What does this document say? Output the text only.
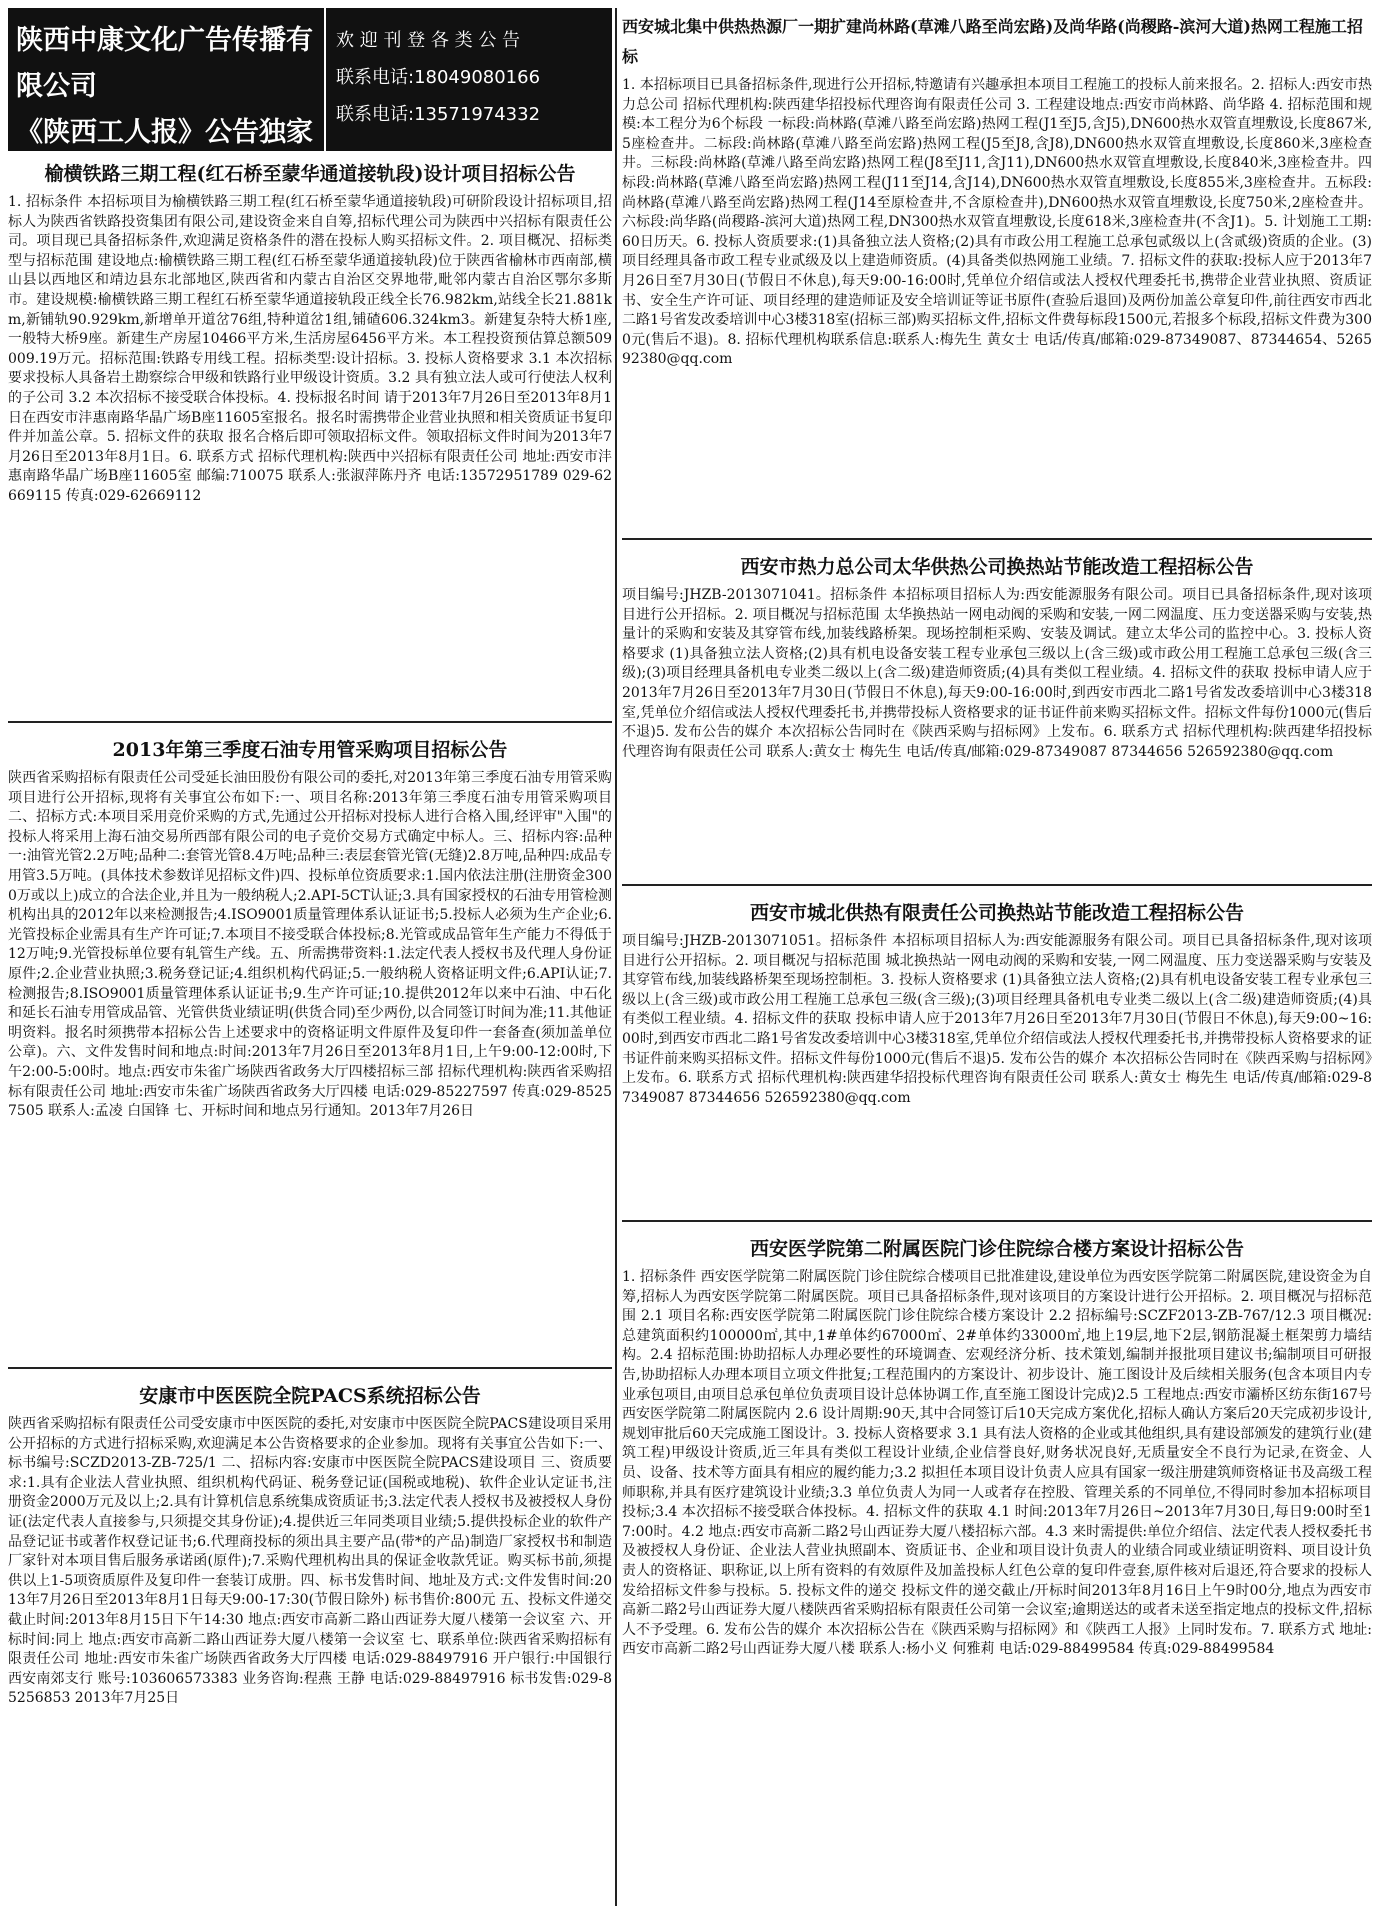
陕西中康文化广告传播有限公司
《陕西工人报》公告独家
欢 迎 刊 登 各 类 公 告
联系电话:18049080166
联系电话:13571974332
榆横铁路三期工程(红石桥至蒙华通道接轨段)设计项目招标公告
1. 招标条件 本招标项目为榆横铁路三期工程(红石桥至蒙华通道接轨段)可研阶段设计招标项目,招标人为陕西省铁路投资集团有限公司,建设资金来自自筹,招标代理公司为陕西中兴招标有限责任公司。项目现已具备招标条件,欢迎满足资格条件的潜在投标人购买招标文件。2. 项目概况、招标类型与招标范围 建设地点:榆横铁路三期工程(红石桥至蒙华通道接轨段)位于陕西省榆林市西南部,横山县以西地区和靖边县东北部地区,陕西省和内蒙古自治区交界地带,毗邻内蒙古自治区鄂尔多斯市。建设规模:榆横铁路三期工程红石桥至蒙华通道接轨段正线全长76.982km,站线全长21.881km,新铺轨90.929km,新增单开道岔76组,特种道岔1组,铺碴606.324km3。新建复杂特大桥1座,一般特大桥9座。新建生产房屋10466平方米,生活房屋6456平方米。本工程投资预估算总额509009.19万元。招标范围:铁路专用线工程。招标类型:设计招标。3. 投标人资格要求 3.1 本次招标要求投标人具备岩土勘察综合甲级和铁路行业甲级设计资质。3.2 具有独立法人或可行使法人权利的子公司 3.2 本次招标不接受联合体投标。4. 投标报名时间 请于2013年7月26日至2013年8月1日在西安市沣惠南路华晶广场B座11605室报名。报名时需携带企业营业执照和相关资质证书复印件并加盖公章。5. 招标文件的获取 报名合格后即可领取招标文件。领取招标文件时间为2013年7月26日至2013年8月1日。6. 联系方式 招标代理机构:陕西中兴招标有限责任公司 地址:西安市沣惠南路华晶广场B座11605室 邮编:710075 联系人:张淑萍陈丹齐 电话:13572951789 029-62669115 传真:029-62669112
2013年第三季度石油专用管采购项目招标公告
陕西省采购招标有限责任公司受延长油田股份有限公司的委托,对2013年第三季度石油专用管采购项目进行公开招标,现将有关事宜公布如下:一、项目名称:2013年第三季度石油专用管采购项目 二、招标方式:本项目采用竞价采购的方式,先通过公开招标对投标人进行合格入围,经评审"入围"的投标人将采用上海石油交易所西部有限公司的电子竞价交易方式确定中标人。三、招标内容:品种一:油管光管2.2万吨;品种二:套管光管8.4万吨;品种三:表层套管光管(无缝)2.8万吨,品种四:成品专用管3.5万吨。(具体技术参数详见招标文件)四、投标单位资质要求:1.国内依法注册(注册资金3000万或以上)成立的合法企业,并且为一般纳税人;2.API-5CT认证;3.具有国家授权的石油专用管检测机构出具的2012年以来检测报告;4.ISO9001质量管理体系认证证书;5.投标人必须为生产企业;6.光管投标企业需具有生产许可证;7.本项目不接受联合体投标;8.光管或成品管年生产能力不得低于12万吨;9.光管投标单位要有轧管生产线。五、所需携带资料:1.法定代表人授权书及代理人身份证原件;2.企业营业执照;3.税务登记证;4.组织机构代码证;5.一般纳税人资格证明文件;6.API认证;7.检测报告;8.ISO9001质量管理体系认证证书;9.生产许可证;10.提供2012年以来中石油、中石化和延长石油专用管成品管、光管供货业绩证明(供货合同)至少两份,以合同签订时间为准;11.其他证明资料。报名时须携带本招标公告上述要求中的资格证明文件原件及复印件一套备查(须加盖单位公章)。六、文件发售时间和地点:时间:2013年7月26日至2013年8月1日,上午9:00-12:00时,下午2:00-5:00时。地点:西安市朱雀广场陕西省政务大厅四楼招标三部 招标代理机构:陕西省采购招标有限责任公司 地址:西安市朱雀广场陕西省政务大厅四楼 电话:029-85227597 传真:029-85257505 联系人:孟凌 白国锋 七、开标时间和地点另行通知。2013年7月26日
安康市中医医院全院PACS系统招标公告
陕西省采购招标有限责任公司受安康市中医医院的委托,对安康市中医医院全院PACS建设项目采用公开招标的方式进行招标采购,欢迎满足本公告资格要求的企业参加。现将有关事宜公告如下:一、标书编号:SCZD2013-ZB-725/1 二、招标内容:安康市中医医院全院PACS建设项目 三、资质要求:1.具有企业法人营业执照、组织机构代码证、税务登记证(国税或地税)、软件企业认定证书,注册资金2000万元及以上;2.具有计算机信息系统集成资质证书;3.法定代表人授权书及被授权人身份证(法定代表人直接参与,只须提交其身份证);4.提供近三年同类项目业绩;5.提供投标企业的软件产品登记证书或著作权登记证书;6.代理商投标的须出具主要产品(带*的产品)制造厂家授权书和制造厂家针对本项目售后服务承诺函(原件);7.采购代理机构出具的保证金收款凭证。购买标书前,须提供以上1-5项资质原件及复印件一套装订成册。四、标书发售时间、地址及方式:文件发售时间:2013年7月26日至2013年8月1日每天9:00-17:30(节假日除外) 标书售价:800元 五、投标文件递交截止时间:2013年8月15日下午14:30 地点:西安市高新二路山西证券大厦八楼第一会议室 六、开标时间:同上 地点:西安市高新二路山西证券大厦八楼第一会议室 七、联系单位:陕西省采购招标有限责任公司 地址:西安市朱雀广场陕西省政务大厅四楼 电话:029-88497916 开户银行:中国银行西安南郊支行 账号:103606573383 业务咨询:程燕 王静 电话:029-88497916 标书发售:029-85256853 2013年7月25日
西安城北集中供热热源厂一期扩建尚林路(草滩八路至尚宏路)及尚华路(尚稷路-滨河大道)热网工程施工招标
1. 本招标项目已具备招标条件,现进行公开招标,特邀请有兴趣承担本项目工程施工的投标人前来报名。2. 招标人:西安市热力总公司 招标代理机构:陕西建华招投标代理咨询有限责任公司 3. 工程建设地点:西安市尚林路、尚华路 4. 招标范围和规模:本工程分为6个标段 一标段:尚林路(草滩八路至尚宏路)热网工程(J1至J5,含J5),DN600热水双管直埋敷设,长度867米,5座检查井。二标段:尚林路(草滩八路至尚宏路)热网工程(J5至J8,含J8),DN600热水双管直埋敷设,长度860米,3座检查井。三标段:尚林路(草滩八路至尚宏路)热网工程(J8至J11,含J11),DN600热水双管直埋敷设,长度840米,3座检查井。四标段:尚林路(草滩八路至尚宏路)热网工程(J11至J14,含J14),DN600热水双管直埋敷设,长度855米,3座检查井。五标段:尚林路(草滩八路至尚宏路)热网工程(J14至原检查井,不含原检查井),DN600热水双管直埋敷设,长度750米,2座检查井。六标段:尚华路(尚稷路-滨河大道)热网工程,DN300热水双管直埋敷设,长度618米,3座检查井(不含J1)。5. 计划施工工期:60日历天。6. 投标人资质要求:(1)具备独立法人资格;(2)具有市政公用工程施工总承包贰级以上(含贰级)资质的企业。(3)项目经理具备市政工程专业贰级及以上建造师资质。(4)具备类似热网施工业绩。7. 招标文件的获取:投标人应于2013年7月26日至7月30日(节假日不休息),每天9:00-16:00时,凭单位介绍信或法人授权代理委托书,携带企业营业执照、资质证书、安全生产许可证、项目经理的建造师证及安全培训证等证书原件(查验后退回)及两份加盖公章复印件,前往西安市西北二路1号省发改委培训中心3楼318室(招标三部)购买招标文件,招标文件费每标段1500元,若报多个标段,招标文件费为3000元(售后不退)。8. 招标代理机构联系信息:联系人:梅先生 黄女士 电话/传真/邮箱:029-87349087、87344654、526592380@qq.com
西安市热力总公司太华供热公司换热站节能改造工程招标公告
项目编号:JHZB-2013071041。招标条件 本招标项目招标人为:西安能源服务有限公司。项目已具备招标条件,现对该项目进行公开招标。2. 项目概况与招标范围 太华换热站一网电动阀的采购和安装,一网二网温度、压力变送器采购与安装,热量计的采购和安装及其穿管布线,加装线路桥架。现场控制柜采购、安装及调试。建立太华公司的监控中心。3. 投标人资格要求 (1)具备独立法人资格;(2)具有机电设备安装工程专业承包三级以上(含三级)或市政公用工程施工总承包三级(含三级);(3)项目经理具备机电专业类二级以上(含二级)建造师资质;(4)具有类似工程业绩。4. 招标文件的获取 投标申请人应于2013年7月26日至2013年7月30日(节假日不休息),每天9:00-16:00时,到西安市西北二路1号省发改委培训中心3楼318室,凭单位介绍信或法人授权代理委托书,并携带投标人资格要求的证书证件前来购买招标文件。招标文件每份1000元(售后不退)5. 发布公告的媒介 本次招标公告同时在《陕西采购与招标网》上发布。6. 联系方式 招标代理机构:陕西建华招投标代理咨询有限责任公司 联系人:黄女士 梅先生 电话/传真/邮箱:029-87349087 87344656 526592380@qq.com
西安市城北供热有限责任公司换热站节能改造工程招标公告
项目编号:JHZB-2013071051。招标条件 本招标项目招标人为:西安能源服务有限公司。项目已具备招标条件,现对该项目进行公开招标。2. 项目概况与招标范围 城北换热站一网电动阀的采购和安装,一网二网温度、压力变送器采购与安装及其穿管布线,加装线路桥架至现场控制柜。3. 投标人资格要求 (1)具备独立法人资格;(2)具有机电设备安装工程专业承包三级以上(含三级)或市政公用工程施工总承包三级(含三级);(3)项目经理具备机电专业类二级以上(含二级)建造师资质;(4)具有类似工程业绩。4. 招标文件的获取 投标申请人应于2013年7月26日至2013年7月30日(节假日不休息),每天9:00~16:00时,到西安市西北二路1号省发改委培训中心3楼318室,凭单位介绍信或法人授权代理委托书,并携带投标人资格要求的证书证件前来购买招标文件。招标文件每份1000元(售后不退)5. 发布公告的媒介 本次招标公告同时在《陕西采购与招标网》上发布。6. 联系方式 招标代理机构:陕西建华招投标代理咨询有限责任公司 联系人:黄女士 梅先生 电话/传真/邮箱:029-87349087 87344656 526592380@qq.com
西安医学院第二附属医院门诊住院综合楼方案设计招标公告
1. 招标条件 西安医学院第二附属医院门诊住院综合楼项目已批准建设,建设单位为西安医学院第二附属医院,建设资金为自筹,招标人为西安医学院第二附属医院。项目已具备招标条件,现对该项目的方案设计进行公开招标。2. 项目概况与招标范围 2.1 项目名称:西安医学院第二附属医院门诊住院综合楼方案设计 2.2 招标编号:SCZF2013-ZB-767/12.3 项目概况:总建筑面积约100000㎡,其中,1#单体约67000㎡、2#单体约33000㎡,地上19层,地下2层,钢筋混凝土框架剪力墙结构。2.4 招标范围:协助招标人办理必要性的环境调查、宏观经济分析、技术策划,编制并报批项目建议书;编制项目可研报告,协助招标人办理本项目立项文件批复;工程范围内的方案设计、初步设计、施工图设计及后续相关服务(包含本项目内专业承包项目,由项目总承包单位负责项目设计总体协调工作,直至施工图设计完成)2.5 工程地点:西安市灞桥区纺东街167号西安医学院第二附属医院内 2.6 设计周期:90天,其中合同签订后10天完成方案优化,招标人确认方案后20天完成初步设计,规划审批后60天完成施工图设计。3. 投标人资格要求 3.1 具有法人资格的企业或其他组织,具有建设部颁发的建筑行业(建筑工程)甲级设计资质,近三年具有类似工程设计业绩,企业信誉良好,财务状况良好,无质量安全不良行为记录,在资金、人员、设备、技术等方面具有相应的履约能力;3.2 拟担任本项目设计负责人应具有国家一级注册建筑师资格证书及高级工程师职称,并具有医疗建筑设计业绩;3.3 单位负责人为同一人或者存在控股、管理关系的不同单位,不得同时参加本招标项目投标;3.4 本次招标不接受联合体投标。4. 招标文件的获取 4.1 时间:2013年7月26日~2013年7月30日,每日9:00时至17:00时。4.2 地点:西安市高新二路2号山西证券大厦八楼招标六部。4.3 来时需提供:单位介绍信、法定代表人授权委托书及被授权人身份证、企业法人营业执照副本、资质证书、企业和项目设计负责人的业绩合同或业绩证明资料、项目设计负责人的资格证、职称证,以上所有资料的有效原件及加盖投标人红色公章的复印件壹套,原件核对后退还,符合要求的投标人发给招标文件参与投标。5. 投标文件的递交 投标文件的递交截止/开标时间2013年8月16日上午9时00分,地点为西安市高新二路2号山西证券大厦八楼陕西省采购招标有限责任公司第一会议室;逾期送达的或者未送至指定地点的投标文件,招标人不予受理。6. 发布公告的媒介 本次招标公告在《陕西采购与招标网》和《陕西工人报》上同时发布。7. 联系方式 地址:西安市高新二路2号山西证券大厦八楼 联系人:杨小义 何雅莉 电话:029-88499584 传真:029-88499584
